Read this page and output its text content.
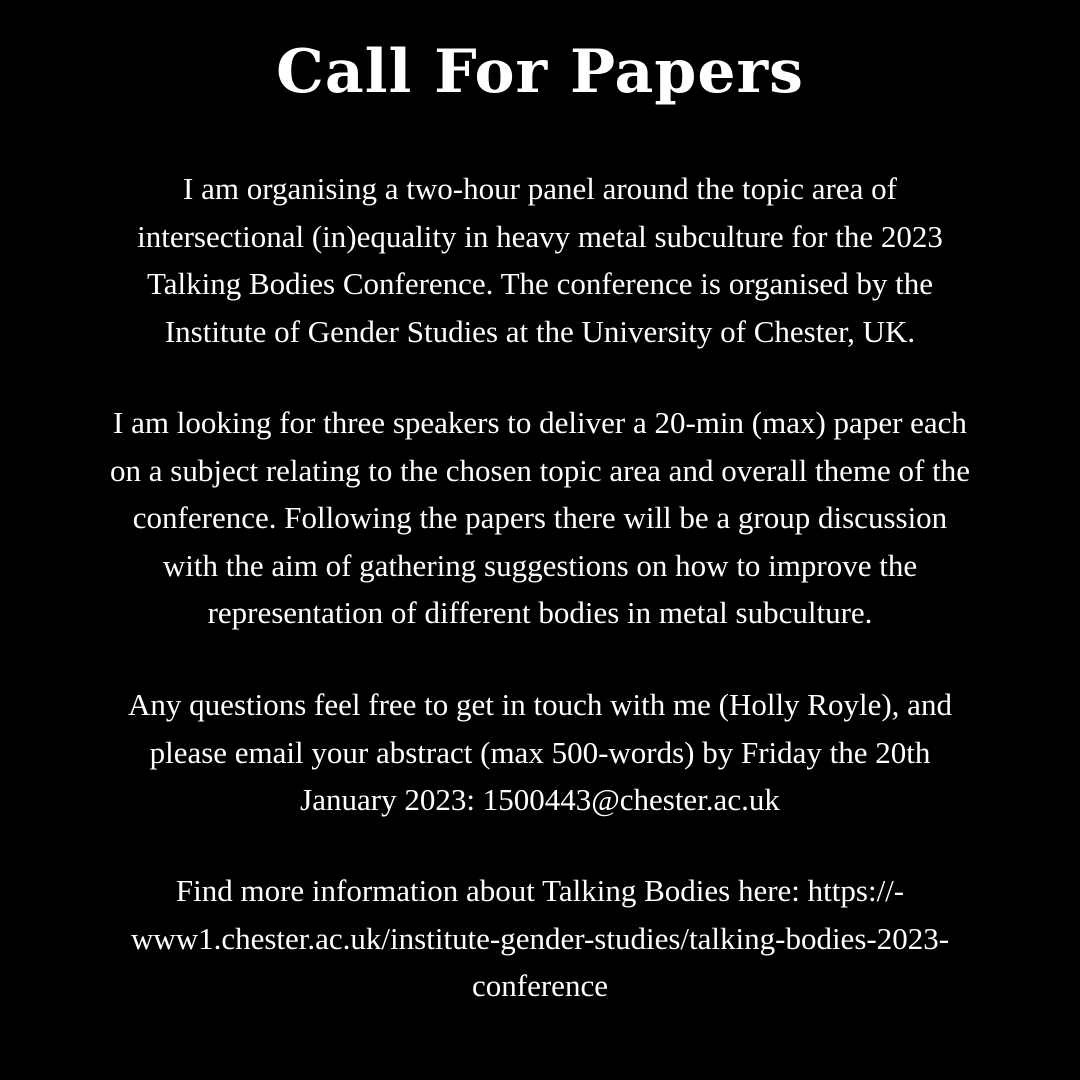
Call For Papers

I am organising a two-hour panel around the topic area of
intersectional (in)equality in heavy metal subculture for the 2023
Talking Bodies Conference. The conference is organised by the
Institute of Gender Studies at the University of Chester, UK.

I am looking for three speakers to deliver a 20-min (max) paper each
on a subject relating to the chosen topic area and overall theme of the
conference. Following the papers there will be a group discussion
with the aim of gathering suggestions on how to improve the
representation of different bodies in metal subculture.

Any questions feel free to get in touch with me (Holly Royle), and
please email your abstract (max 500-words) by Friday the 20th
January 2023: 1500443@chester.ac.uk

Find more information about Talking Bodies here: https://-
www1.chester.ac.uk/institute-gender-studies/talking-bodies-2023-
conference
